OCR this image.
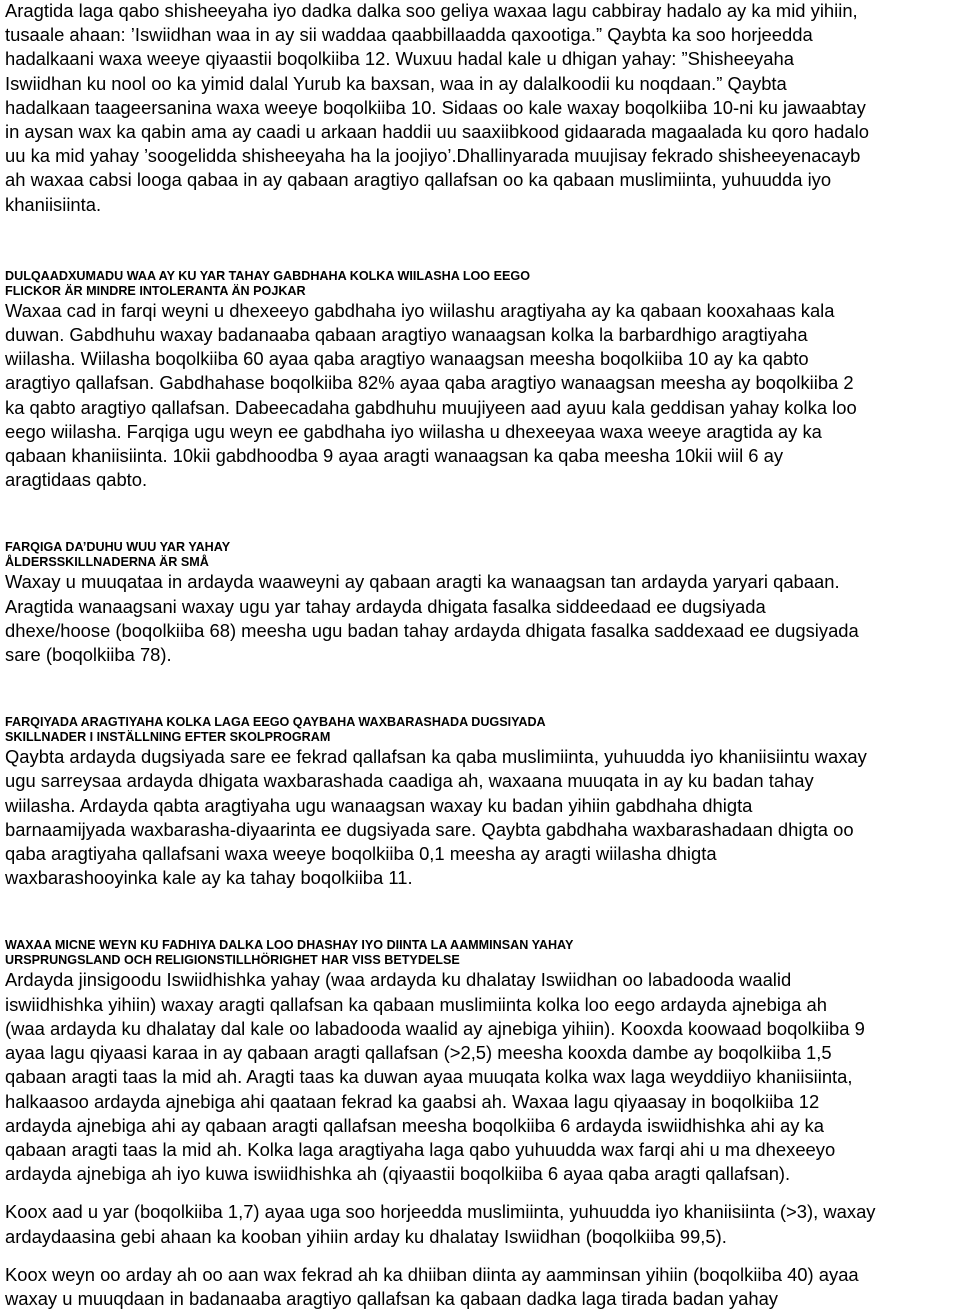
Aragtida laga qabo shisheeyaha iyo dadka dalka soo geliya waxaa lagu cabbiray hadalo ay ka mid yihiin,
tusaale ahaan: ’Iswiidhan waa in ay sii waddaa qaabbillaadda qaxootiga.” Qaybta ka soo horjeedda
hadalkaani waxa weeye qiyaastii boqolkiiba 12. Wuxuu hadal kale u dhigan yahay: ”Shisheeyaha
Iswiidhan ku nool oo ka yimid dalal Yurub ka baxsan, waa in ay dalalkoodii ku noqdaan.” Qaybta
hadalkaan taageersanina waxa weeye boqolkiiba 10. Sidaas oo kale waxay boqolkiiba 10-ni ku jawaabtay
in aysan wax ka qabin ama ay caadi u arkaan haddii uu saaxiibkood gidaarada magaalada ku qoro hadalo
uu ka mid yahay ’soogelidda shisheeyaha ha la joojiyo’.Dhallinyarada muujisay fekrado shisheeyenacayb
ah waxaa cabsi looga qabaa in ay qabaan aragtiyo qallafsan oo ka qabaan muslimiinta, yuhuudda iyo
khaniisiinta.
DULQAADXUMADU WAA AY KU YAR TAHAY GABDHAHA KOLKA WIILASHA LOO EEGO
FLICKOR ÄR MINDRE INTOLERANTA ÄN POJKAR
Waxaa cad in farqi weyni u dhexeeyo gabdhaha iyo wiilashu aragtiyaha ay ka qabaan kooxahaas kala
duwan. Gabdhuhu waxay badanaaba qabaan aragtiyo wanaagsan kolka la barbardhigo aragtiyaha
wiilasha. Wiilasha boqolkiiba 60 ayaa qaba aragtiyo wanaagsan meesha boqolkiiba 10 ay ka qabto
aragtiyo qallafsan. Gabdhahase boqolkiiba 82% ayaa qaba aragtiyo wanaagsan meesha ay boqolkiiba 2
ka qabto aragtiyo qallafsan. Dabeecadaha gabdhuhu muujiyeen aad ayuu kala geddisan yahay kolka loo
eego wiilasha. Farqiga ugu weyn ee gabdhaha iyo wiilasha u dhexeeyaa waxa weeye aragtida ay ka
qabaan khaniisiinta. 10kii gabdhoodba 9 ayaa aragti wanaagsan ka qaba meesha 10kii wiil 6 ay
aragtidaas qabto.
FARQIGA DA’DUHU WUU YAR YAHAY
ÅLDERSSKILLNADERNA ÄR SMÅ
Waxay u muuqataa in ardayda waaweyni ay qabaan aragti ka wanaagsan tan ardayda yaryari qabaan.
Aragtida wanaagsani waxay ugu yar tahay ardayda dhigata fasalka siddeedaad ee dugsiyada
dhexe/hoose (boqolkiiba 68) meesha ugu badan tahay ardayda dhigata fasalka saddexaad ee dugsiyada
sare (boqolkiiba 78).
FARQIYADA ARAGTIYAHA KOLKA LAGA EEGO QAYBAHA WAXBARASHADA DUGSIYADA
SKILLNADER I INSTÄLLNING EFTER SKOLPROGRAM
Qaybta ardayda dugsiyada sare ee fekrad qallafsan ka qaba muslimiinta, yuhuudda iyo khaniisiintu waxay
ugu sarreysaa ardayda dhigata waxbarashada caadiga ah, waxaana muuqata in ay ku badan tahay
wiilasha. Ardayda qabta aragtiyaha ugu wanaagsan waxay ku badan yihiin gabdhaha dhigta
barnaamijyada waxbarasha-diyaarinta ee dugsiyada sare. Qaybta gabdhaha waxbarashadaan dhigta oo
qaba aragtiyaha qallafsani waxa weeye boqolkiiba 0,1 meesha ay aragti wiilasha dhigta
waxbarashooyinka kale ay ka tahay boqolkiiba 11.
WAXAA MICNE WEYN KU FADHIYA DALKA LOO DHASHAY IYO DIINTA LA AAMMINSAN YAHAY
URSPRUNGSLAND OCH RELIGIONSTILLHÖRIGHET HAR VISS BETYDELSE
Ardayda jinsigoodu Iswiidhishka yahay (waa ardayda ku dhalatay Iswiidhan oo labadooda waalid
iswiidhishka yihiin) waxay aragti qallafsan ka qabaan muslimiinta kolka loo eego ardayda ajnebiga ah
(waa ardayda ku dhalatay dal kale oo labadooda waalid ay ajnebiga yihiin). Kooxda koowaad boqolkiiba 9
ayaa lagu qiyaasi karaa in ay qabaan aragti qallafsan (>2,5) meesha kooxda dambe ay boqolkiiba 1,5
qabaan aragti taas la mid ah. Aragti taas ka duwan ayaa muuqata kolka wax laga weyddiiyo khaniisiinta,
halkaasoo ardayda ajnebiga ahi qaataan fekrad ka gaabsi ah. Waxaa lagu qiyaasay in boqolkiiba 12
ardayda ajnebiga ahi ay qabaan aragti qallafsan meesha boqolkiiba 6 ardayda iswiidhishka ahi ay ka
qabaan aragti taas la mid ah. Kolka laga aragtiyaha laga qabo yuhuudda wax farqi ahi u ma dhexeeyo
ardayda ajnebiga ah iyo kuwa iswiidhishka ah (qiyaastii boqolkiiba 6 ayaa qaba aragti qallafsan).
Koox aad u yar (boqolkiiba 1,7) ayaa uga soo horjeedda muslimiinta, yuhuudda iyo khaniisiinta (>3), waxay
ardaydaasina gebi ahaan ka kooban yihiin arday ku dhalatay Iswiidhan (boqolkiiba 99,5).
Koox weyn oo arday ah oo aan wax fekrad ah ka dhiiban diinta ay aamminsan yihiin (boqolkiiba 40) ayaa
waxay u muuqdaan in badanaaba aragtiyo qallafsan ka qabaan dadka laga tirada badan yahay
